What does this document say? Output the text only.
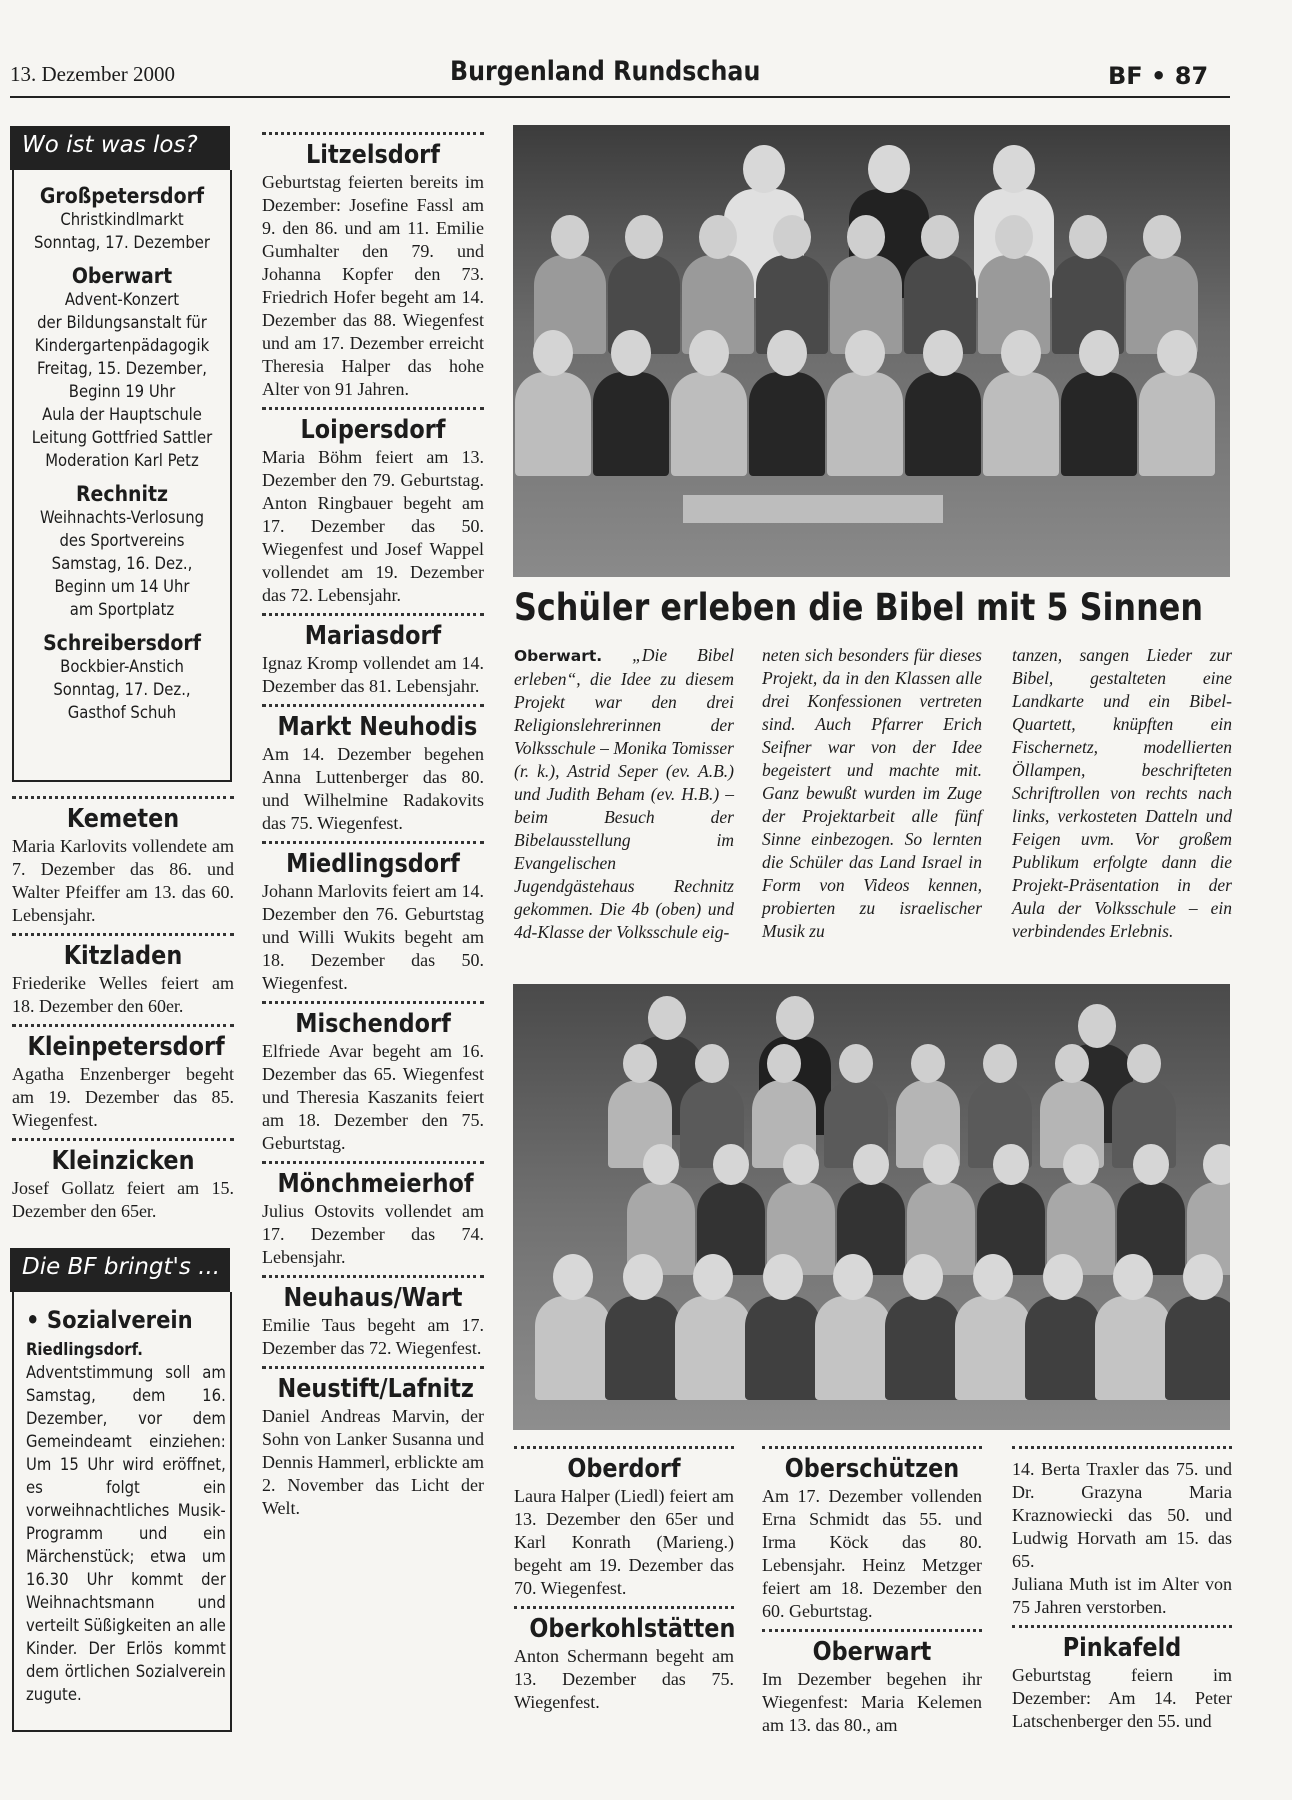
13. Dezember 2000	Burgenland Rundschau	BF • 87
Wo ist was los?
Großpetersdorf
Christkindlmarkt
Sonntag, 17. Dezember
Oberwart
Advent-Konzert
der Bildungsanstalt für
Kindergartenpädagogik
Freitag, 15. Dezember,
Beginn 19 Uhr
Aula der Hauptschule
Leitung Gottfried Sattler
Moderation Karl Petz
Rechnitz
Weihnachts-Verlosung
des Sportvereins
Samstag, 16. Dez.,
Beginn um 14 Uhr
am Sportplatz
Schreibersdorf
Bockbier-Anstich
Sonntag, 17. Dez.,
Gasthof Schuh
Die BF bringt's ...
• Sozialverein
Riedlingsdorf. Adventstimmung soll am Samstag, dem 16. Dezember, vor dem Gemeindeamt einziehen: Um 15 Uhr wird eröffnet, es folgt ein vorweihnachtliches Musik-Programm und ein Märchenstück; etwa um 16.30 Uhr kommt der Weihnachtsmann und verteilt Süßigkeiten an alle Kinder. Der Erlös kommt dem örtlichen Sozialverein zugute.
Kemeten
Maria Karlovits vollendete am 7. Dezember das 86. und Walter Pfeiffer am 13. das 60. Lebensjahr.
Kitzladen
Friederike Welles feiert am 18. Dezember den 60er.
Kleinpetersdorf
Agatha Enzenberger begeht am 19. Dezember das 85. Wiegenfest.
Kleinzicken
Josef Gollatz feiert am 15. Dezember den 65er.
Litzelsdorf
Geburtstag feierten bereits im Dezember: Josefine Fassl am 9. den 86. und am 11. Emilie Gumhalter den 79. und Johanna Kopfer den 73. Friedrich Hofer begeht am 14. Dezember das 88. Wiegenfest und am 17. Dezember erreicht Theresia Halper das hohe Alter von 91 Jahren.
Loipersdorf
Maria Böhm feiert am 13. Dezember den 79. Geburtstag. Anton Ringbauer begeht am 17. Dezember das 50. Wiegenfest und Josef Wappel vollendet am 19. Dezember das 72. Lebensjahr.
Mariasdorf
Ignaz Kromp vollendet am 14. Dezember das 81. Lebensjahr.
Markt Neuhodis
Am 14. Dezember begehen Anna Luttenberger das 80. und Wilhelmine Radakovits das 75. Wiegenfest.
Miedlingsdorf
Johann Marlovits feiert am 14. Dezember den 76. Geburtstag und Willi Wukits begeht am 18. Dezember das 50. Wiegenfest.
Mischendorf
Elfriede Avar begeht am 16. Dezember das 65. Wiegenfest und Theresia Kaszanits feiert am 18. Dezember den 75. Geburtstag.
Mönchmeierhof
Julius Ostovits vollendet am 17. Dezember das 74. Lebensjahr.
Neuhaus/Wart
Emilie Taus begeht am 17. Dezember das 72. Wiegenfest.
Neustift/Lafnitz
Daniel Andreas Marvin, der Sohn von Lanker Susanna und Dennis Hammerl, erblickte am 2. November das Licht der Welt.
Schüler erleben die Bibel mit 5 Sinnen
Oberwart. „Die Bibel erleben“, die Idee zu diesem Projekt war den drei Religionslehrerinnen der Volksschule – Monika Tomisser (r. k.), Astrid Seper (ev. A.B.) und Judith Beham (ev. H.B.) – beim Besuch der Bibelausstellung im Evangelischen Jugendgästehaus Rechnitz gekommen. Die 4b (oben) und 4d-Klasse der Volksschule eig-
neten sich besonders für dieses Projekt, da in den Klassen alle drei Konfessionen vertreten sind. Auch Pfarrer Erich Seifner war von der Idee begeistert und machte mit. Ganz bewußt wurden im Zuge der Projektarbeit alle fünf Sinne einbezogen. So lernten die Schüler das Land Israel in Form von Videos kennen, probierten zu israelischer Musik zu
tanzen, sangen Lieder zur Bibel, gestalteten eine Landkarte und ein Bibel-Quartett, knüpften ein Fischernetz, modellierten Öllampen, beschrifteten Schriftrollen von rechts nach links, verkosteten Datteln und Feigen uvm. Vor großem Publikum erfolgte dann die Projekt-Präsentation in der Aula der Volksschule – ein verbindendes Erlebnis.
Oberdorf
Laura Halper (Liedl) feiert am 13. Dezember den 65er und Karl Konrath (Marieng.) begeht am 19. Dezember das 70. Wiegenfest.
Oberkohlstätten
Anton Schermann begeht am 13. Dezember das 75. Wiegenfest.
Oberschützen
Am 17. Dezember vollenden Erna Schmidt das 55. und Irma Köck das 80. Lebensjahr. Heinz Metzger feiert am 18. Dezember den 60. Geburtstag.
Oberwart
Im Dezember begehen ihr Wiegenfest: Maria Kelemen am 13. das 80., am
14. Berta Traxler das 75. und Dr. Grazyna Maria Kraznowiecki das 50. und Ludwig Horvath am 15. das 65.
Juliana Muth ist im Alter von 75 Jahren verstorben.
Pinkafeld
Geburtstag feiern im Dezember: Am 14. Peter Latschenberger den 55. und
